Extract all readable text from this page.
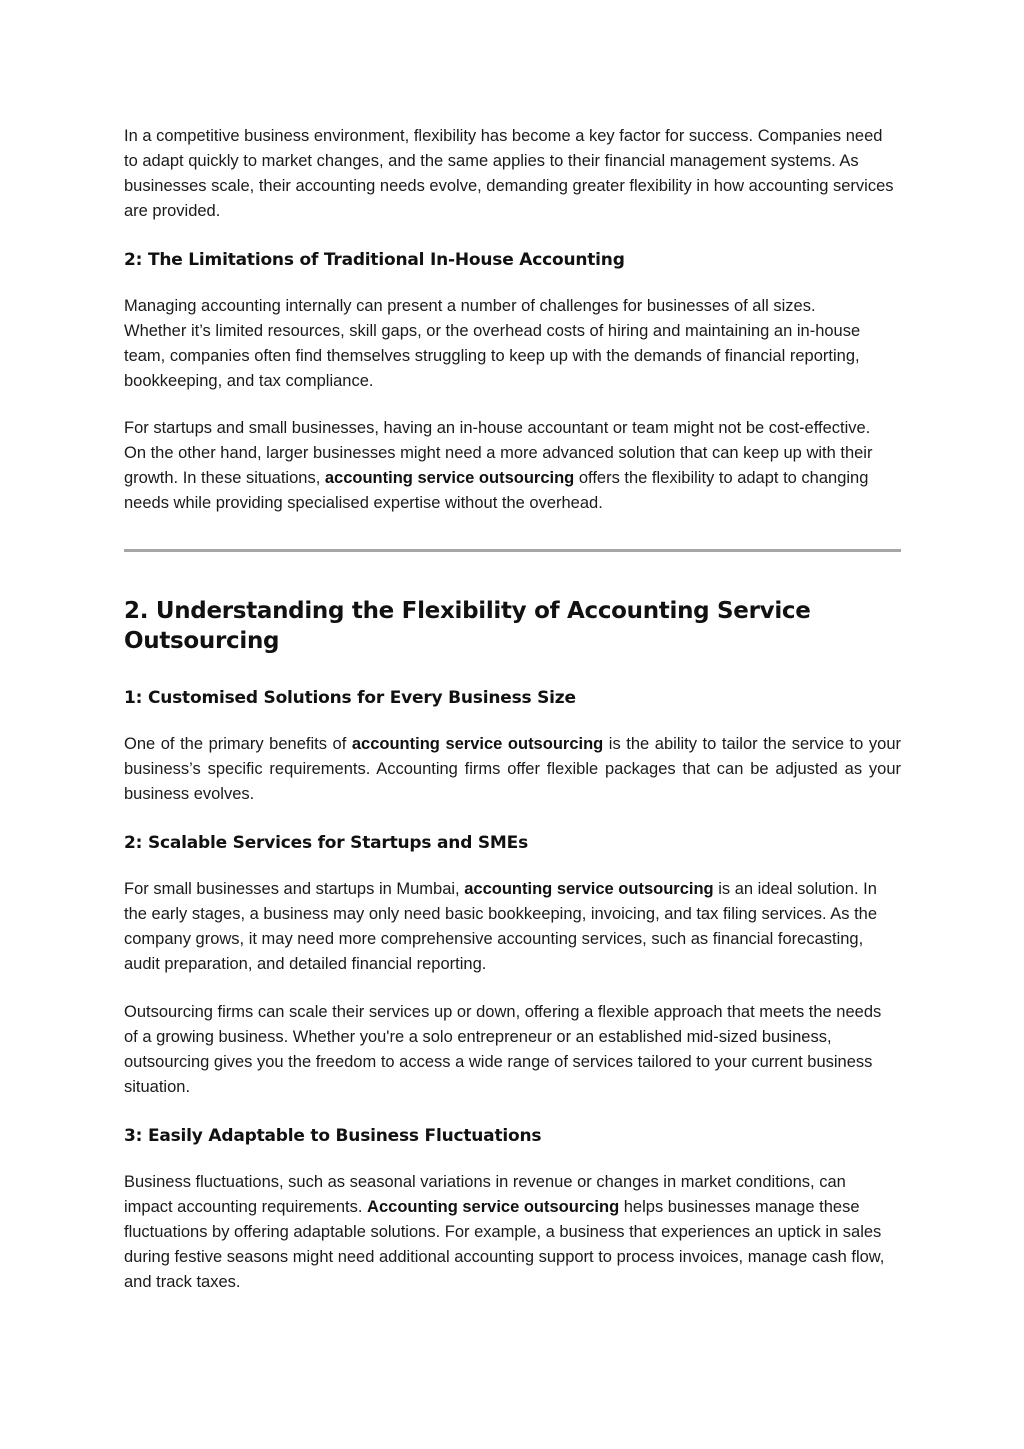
In a competitive business environment, flexibility has become a key factor for success. Companies need to adapt quickly to market changes, and the same applies to their financial management systems. As businesses scale, their accounting needs evolve, demanding greater flexibility in how accounting services are provided.

2: The Limitations of Traditional In-House Accounting

Managing accounting internally can present a number of challenges for businesses of all sizes. Whether it’s limited resources, skill gaps, or the overhead costs of hiring and maintaining an in-house team, companies often find themselves struggling to keep up with the demands of financial reporting, bookkeeping, and tax compliance.

For startups and small businesses, having an in-house accountant or team might not be cost-effective. On the other hand, larger businesses might need a more advanced solution that can keep up with their growth. In these situations, accounting service outsourcing offers the flexibility to adapt to changing needs while providing specialised expertise without the overhead.

2. Understanding the Flexibility of Accounting Service Outsourcing
1: Customised Solutions for Every Business Size

One of the primary benefits of accounting service outsourcing is the ability to tailor the service to your business’s specific requirements. Accounting firms offer flexible packages that can be adjusted as your business evolves.

2: Scalable Services for Startups and SMEs

For small businesses and startups in Mumbai, accounting service outsourcing is an ideal solution. In the early stages, a business may only need basic bookkeeping, invoicing, and tax filing services. As the company grows, it may need more comprehensive accounting services, such as financial forecasting, audit preparation, and detailed financial reporting.

Outsourcing firms can scale their services up or down, offering a flexible approach that meets the needs of a growing business. Whether you're a solo entrepreneur or an established mid-sized business, outsourcing gives you the freedom to access a wide range of services tailored to your current business situation.

3: Easily Adaptable to Business Fluctuations

Business fluctuations, such as seasonal variations in revenue or changes in market conditions, can impact accounting requirements. Accounting service outsourcing helps businesses manage these fluctuations by offering adaptable solutions. For example, a business that experiences an uptick in sales during festive seasons might need additional accounting support to process invoices, manage cash flow, and track taxes.
